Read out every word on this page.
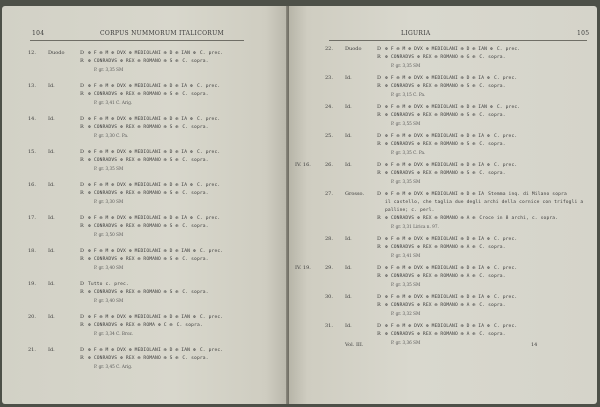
104	CORPUS NUMMORUM ITALICORUM
12.	Duodo	D ✠ F ✠ M ✠ DVX ✠ MEDIOLANI ✠ D ✠ IAN ✠ C. prec.
R ✠ CONRADVS ✠ REX ✠ ROMANO ✠ S ✠ C. sopra.
P. gr. 3,35 SM
13.	Id.	D ✠ F ✠ M ✠ DVX ✠ MEDIOLANI ✠ D ✠ IA ✠ C. prec.
R ✠ CONRADVS ✠ REX ✠ ROMANO ✠ S ✠ C. sopra.
P. gr. 3,41 C. Arig.
14.	Id.	D ✠ F ✠ M ✠ DVX ✠ MEDIOLANI ✠ D ✠ IA ✠ C. prec.
R ✠ CONRADVS ✠ REX ✠ ROMANO ✠ S ✠ C. sopra.
P. gr. 3,30 C. Pa.
15.	Id.	D ✠ F ✠ M ✠ DVX ✠ MEDIOLANI ✠ D ✠ IA ✠ C. prec.
R ✠ CONRADVS ✠ REX ✠ ROMANO ✠ S ✠ C. sopra.
P. gr. 3,35 SM
16.	Id.	D ✠ F ✠ M ✠ DVX ✠ MEDIOLANI ✠ D ✠ IA ✠ C. prec.
R ✠ CONRADVS ✠ REX ✠ ROMANO ✠ S ✠ C. sopra.
P. gr. 3,30 SM
17.	Id.	D ✠ F ✠ M ✠ DVX ✠ MEDIOLANI ✠ D ✠ IA ✠ C. prec.
R ✠ CONRADVS ✠ REX ✠ ROMANO ✠ S ✠ C. sopra.
P. gr. 3,50 SM
18.	Id.	D ✠ F ✠ M ✠ DVX ✠ MEDIOLANI ✠ D ✠ IAN ✠ C. prec.
R ✠ CONRADVS ✠ REX ✠ ROMANO ✠ S ✠ C. sopra.
P. gr. 3,40 SM
19.	Id.	D Tutto c. prec.
R ✠ CONRADVS ✠ REX ✠ ROMANO ✠ S ✠ C. sopra.
P. gr. 3,40 SM
20.	Id.	D ✠ F ✠ M ✠ DVX ✠ MEDIOLANI ✠ D ✠ IAN ✠ C. prec.
R ✠ CONRADVS ✠ REX ✠ ROMA ✠ C ✠ C. sopra.
P. gr. 3,34 C. Broz.
21.	Id.	D ✠ F ✠ M ✠ DVX ✠ MEDIOLANI ✠ D ✠ IAN ✠ C. prec.
R ✠ CONRADVS ✠ REX ✠ ROMANO ✠ S ✠ C. sopra.
P. gr. 3,45 C. Arig.
LIGURIA	105
22.	Duodo	D ✠ F ✠ M ✠ DVX ✠ MEDIOLANI ✠ D ✠ IAN ✠ C. prec.
R ✠ CONRADVS ✠ REX ✠ ROMANO ✠ G ✠ C. sopra.
P. gr. 3,35 SM
23.	Id.	D ✠ F ✠ M ✠ DVX ✠ MEDIOLANI ✠ D ✠ IA ✠ C. prec.
R ✠ CONRADVS ✠ REX ✠ ROMANO ✠ S ✠ C. sopra.
P. gr. 3,15 C. Pa.
24.	Id.	D ✠ F ✠ M ✠ DVX ✠ MEDIOLANI ✠ D ✠ IAN ✠ C. prec.
R ✠ CONRADVS ✠ REX ✠ ROMANO ✠ S ✠ C. sopra.
P. gr. 3,55 SM
25.	Id.	D ✠ F ✠ M ✠ DVX ✠ MEDIOLANI ✠ D ✠ IA ✠ C. prec.
R ✠ CONRADVS ✠ REX ✠ ROMANO ✠ S ✠ C. sopra.
P. gr. 3,35 C. Pa.
IV. 16.	26.	Id.	D ✠ F ✠ M ✠ DVX ✠ MEDIOLANI ✠ D ✠ IA ✠ C. prec.
R ✠ CONRADVS ✠ REX ✠ ROMANO ✠ S ✠ C. sopra.
P. gr. 3,35 SM
27.	Grosso.	D ✠ F ✠ M ✠ DVX ✠ MEDIOLANI ✠ D ✠ IA Stemma inq. di Milano sopra
il castello, che taglia due degli archi della cornice con trifogli a
palline; c. perl.
R ✠ CONRADVS ✠ REX ✠ ROMANO ✠ A ✠ Croce in 8 archi, c. sopra.
P. gr. 3,31 Lirica n. 97.
28.	Id.	D ✠ F ✠ M ✠ DVX ✠ MEDIOLANI ✠ D ✠ IA ✠ C. prec.
R ✠ CONRADVS ✠ REX ✠ ROMANO ✠ A ✠ C. sopra.
P. gr. 3,41 SM
IV. 19.	29.	Id.	D ✠ F ✠ M ✠ DVX ✠ MEDIOLANI ✠ D ✠ IA ✠ C. prec.
R ✠ CONRADVS ✠ REX ✠ ROMANO ✠ A ✠ C. sopra.
P. gr. 3,35 SM
30.	Id.	D ✠ F ✠ M ✠ DVX ✠ MEDIOLANI ✠ D ✠ IA ✠ C. prec.
R ✠ CONRADVS ✠ REX ✠ ROMANO ✠ A ✠ C. sopra.
P. gr. 3,32 SM
31.	Id.	D ✠ F ✠ M ✠ DVX ✠ MEDIOLANI ✠ D ✠ IA ✠ C. prec.
R ✠ CONRADVS ✠ REX ✠ ROMANO ✠ A ✠ C. sopra.
P. gr. 3,36 SM
Vol. III.	14
